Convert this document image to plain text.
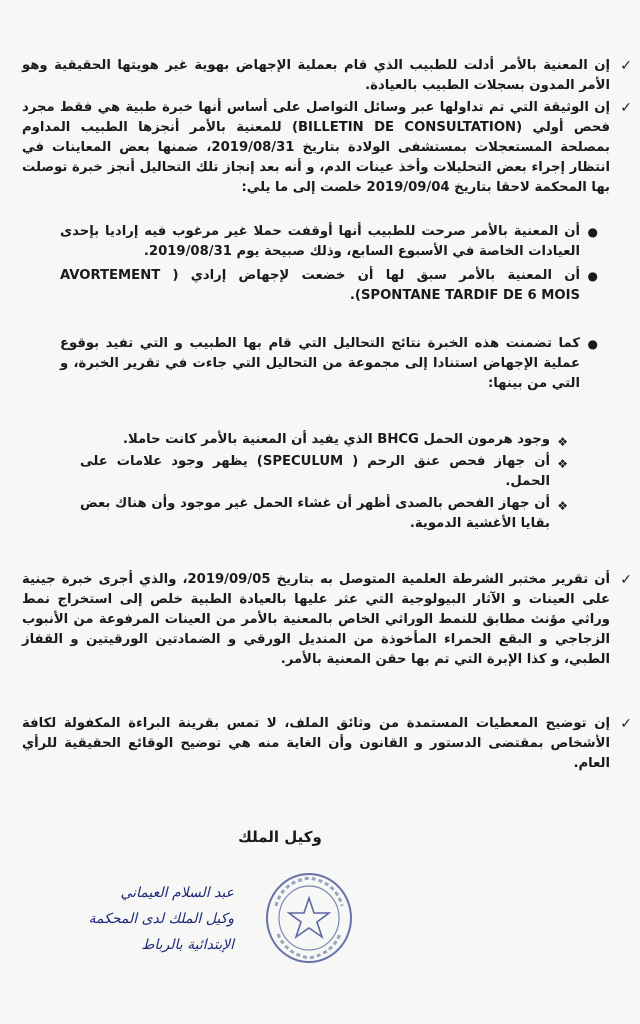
✓

إن المعنية بالأمر أدلت للطبيب الذي قام بعملية الإجهاض بهوية غير هويتها الحقيقية وهو الأمر المدون بسجلات الطبيب بالعيادة.

✓

إن الوثيقة التي تم تداولها عبر وسائل التواصل على أساس أنها خبرة طبية هي فقط مجرد فحص أولي (BILLETIN DE CONSULTATION) للمعنية بالأمر أنجزها الطبيب المداوم بمصلحة المستعجلات بمستشفى الولادة بتاريخ 2019/08/31، ضمنها بعض المعاينات في انتظار إجراء بعض التحليلات وأخذ عينات الدم، و أنه بعد إنجاز تلك التحاليل أنجز خبرة توصلت بها المحكمة لاحقا بتاريخ 2019/09/04 خلصت إلى ما يلي:

●

أن المعنية بالأمر صرحت للطبيب أنها أوقفت حملا غير مرغوب فيه إراديا بإحدى العيادات الخاصة في الأسبوع السابع، وذلك صبيحة يوم 2019/08/31.

●

أن المعنية بالأمر سبق لها أن خضعت لإجهاض إرادي ( AVORTEMENT SPONTANE TARDIF DE 6 MOIS).

●

كما تضمنت هذه الخبرة نتائج التحاليل التي قام بها الطبيب و التي تفيد بوقوع عملية الإجهاض استنادا إلى مجموعة من التحاليل التي جاءت في تقرير الخبرة، و التي من بينها:

❖

وجود هرمون الحمل BHCG الذي يفيد أن المعنية بالأمر كانت حاملا.

❖

أن جهاز فحص عنق الرحم ( SPECULUM) يظهر وجود علامات على الحمل.

❖

أن جهاز الفحص بالصدى أظهر أن غشاء الحمل غير موجود وأن هناك بعض بقايا الأغشية الدموية.

✓

أن تقرير مختبر الشرطة العلمية المتوصل به بتاريخ 2019/09/05، والذي أجرى خبرة جينية على العينات و الآثار البيولوجية التي عثر عليها بالعيادة الطبية خلص إلى استخراج نمط وراثي مؤنث مطابق للنمط الوراثي الخاص بالمعنية بالأمر من العينات المرفوعة من الأنبوب الزجاجي و البقع الحمراء المأخوذة من المنديل الورقي و الضمادتين الورقيتين و القفاز الطبي، و كذا الإبرة التي تم بها حقن المعنية بالأمر.

✓

إن توضيح المعطيات المستمدة من وثائق الملف، لا تمس بقرينة البراءة المكفولة لكافة الأشخاص بمقتضى الدستور و القانون وأن الغاية منه هي توضيح الوقائع الحقيقية للرأي العام.

وكيل الملك
عبد السلام العيماني
وكيل الملك لدى المحكمة
الإبتدائية بالرباط
